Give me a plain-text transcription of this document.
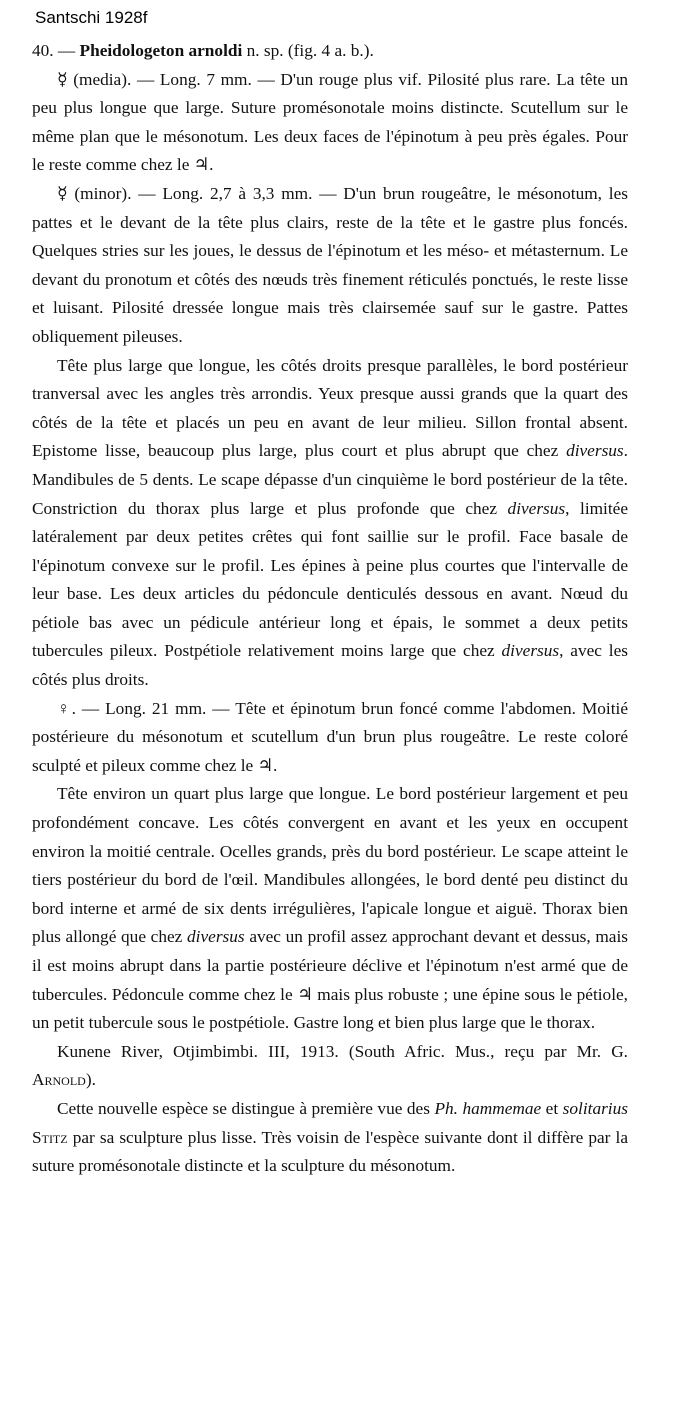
Santschi 1928f

40. — Pheidologeton arnoldi n. sp. (fig. 4 a. b.).

☿ (media). — Long. 7 mm. — D'un rouge plus vif. Pilosité plus rare. La tête un peu plus longue que large. Suture promésonotale moins distincte. Scutellum sur le même plan que le mésonotum. Les deux faces de l'épinotum à peu près égales. Pour le reste comme chez le ♃.

☿ (minor). — Long. 2,7 à 3,3 mm. — D'un brun rougeâtre, le mésonotum, les pattes et le devant de la tête plus clairs, reste de la tête et le gastre plus foncés. Quelques stries sur les joues, le dessus de l'épinotum et les méso- et métasternum. Le devant du pronotum et côtés des nœuds très finement réticulés ponctués, le reste lisse et luisant. Pilosité dressée longue mais très clairsemée sauf sur le gastre. Pattes obliquement pileuses.

Tête plus large que longue, les côtés droits presque parallèles, le bord postérieur tranversal avec les angles très arrondis. Yeux presque aussi grands que la quart des côtés de la tête et placés un peu en avant de leur milieu. Sillon frontal absent. Epistome lisse, beaucoup plus large, plus court et plus abrupt que chez diversus. Mandibules de 5 dents. Le scape dépasse d'un cinquième le bord postérieur de la tête. Constriction du thorax plus large et plus profonde que chez diversus, limitée latéralement par deux petites crêtes qui font saillie sur le profil. Face basale de l'épinotum convexe sur le profil. Les épines à peine plus courtes que l'intervalle de leur base. Les deux articles du pédoncule denticulés dessous en avant. Nœud du pétiole bas avec un pédicule antérieur long et épais, le sommet a deux petits tubercules pileux. Postpétiole relativement moins large que chez diversus, avec les côtés plus droits.

♀. — Long. 21 mm. — Tête et épinotum brun foncé comme l'abdomen. Moitié postérieure du mésonotum et scutellum d'un brun plus rougeâtre. Le reste coloré sculpté et pileux comme chez le ♃.

Tête environ un quart plus large que longue. Le bord postérieur largement et peu profondément concave. Les côtés convergent en avant et les yeux en occupent environ la moitié centrale. Ocelles grands, près du bord postérieur. Le scape atteint le tiers postérieur du bord de l'œil. Mandibules allongées, le bord denté peu distinct du bord interne et armé de six dents irrégulières, l'apicale longue et aiguë. Thorax bien plus allongé que chez diversus avec un profil assez approchant devant et dessus, mais il est moins abrupt dans la partie postérieure déclive et l'épinotum n'est armé que de tubercules. Pédoncule comme chez le ♃ mais plus robuste ; une épine sous le pétiole, un petit tubercule sous le postpétiole. Gastre long et bien plus large que le thorax.

Kunene River, Otjimbimbi. III, 1913. (South Afric. Mus., reçu par Mr. G. Arnold).

Cette nouvelle espèce se distingue à première vue des Ph. hammemae et solitarius Stitz par sa sculpture plus lisse. Très voisin de l'espèce suivante dont il diffère par la suture promésonotale distincte et la sculpture du mésonotum.
